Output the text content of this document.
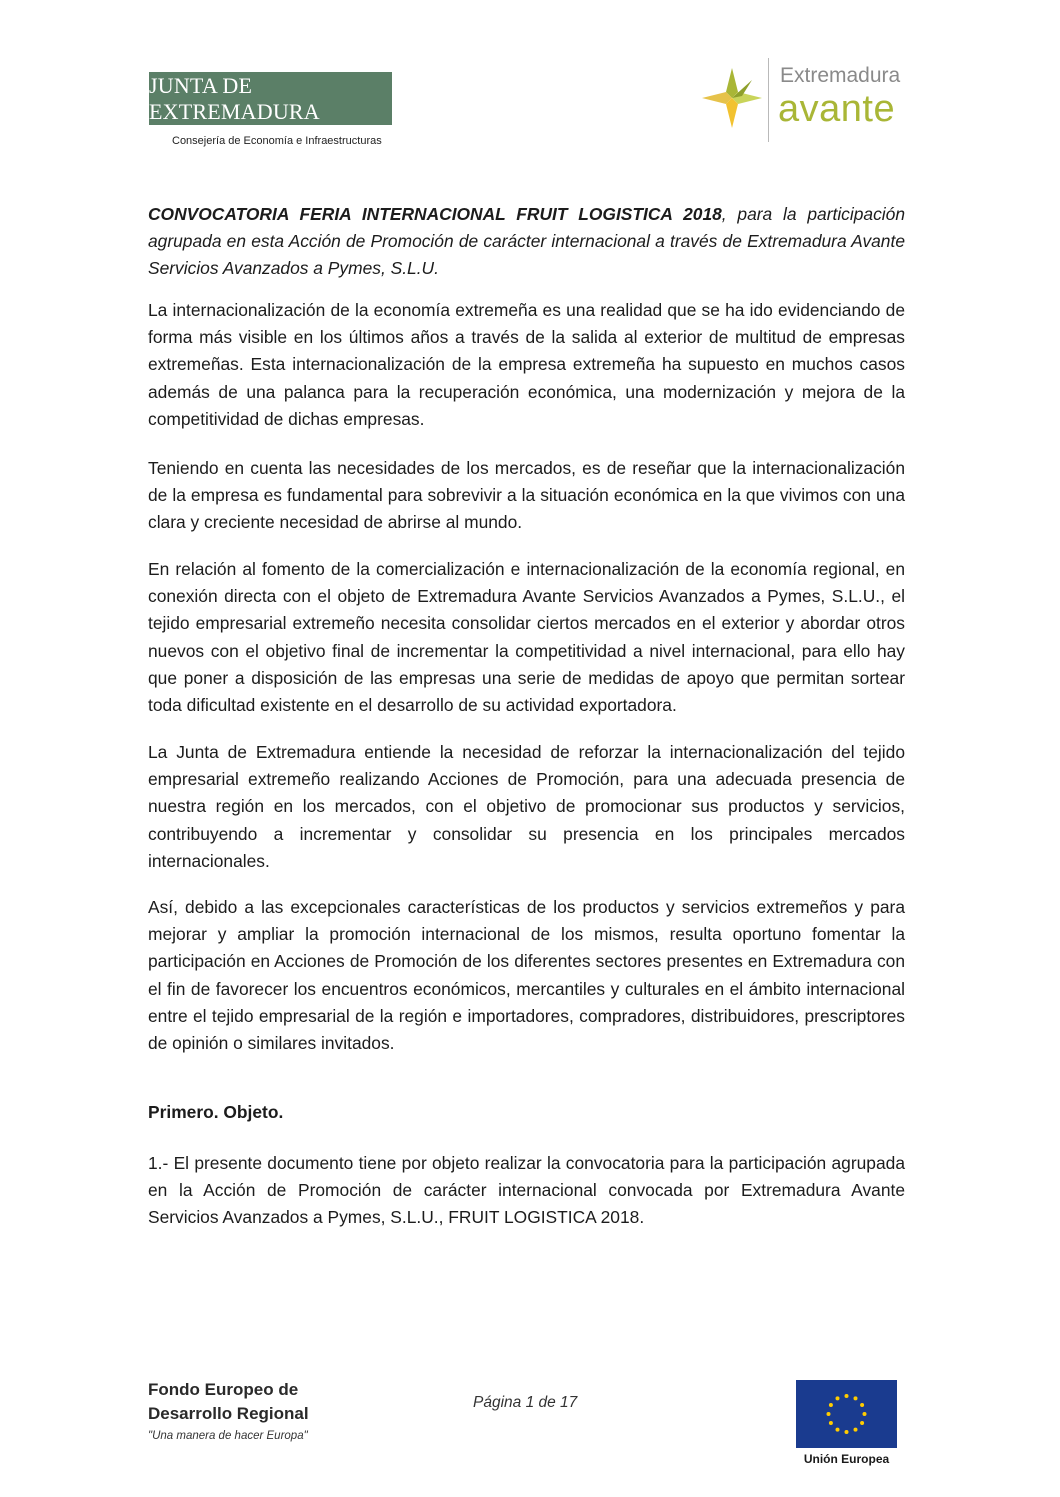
JUNTA DE EXTREMADURA
Consejería de Economía e Infraestructuras
Extremadura
avante

CONVOCATORIA FERIA INTERNACIONAL FRUIT LOGISTICA 2018, para la participación agrupada en esta Acción de Promoción de carácter internacional a través de Extremadura Avante Servicios Avanzados a Pymes, S.L.U.

La internacionalización de la economía extremeña es una realidad que se ha ido evidenciando de forma más visible en los últimos años a través de la salida al exterior de multitud de empresas extremeñas. Esta internacionalización de la empresa extremeña ha supuesto en muchos casos además de una palanca para la recuperación económica, una modernización y mejora de la competitividad de dichas empresas.

Teniendo en cuenta las necesidades de los mercados, es de reseñar que la internacionalización de la empresa es fundamental para sobrevivir a la situación económica en la que vivimos con una clara y creciente necesidad de abrirse al mundo.

En relación al fomento de la comercialización e internacionalización de la economía regional, en conexión directa con el objeto de Extremadura Avante Servicios Avanzados a Pymes, S.L.U., el tejido empresarial extremeño necesita consolidar ciertos mercados en el exterior y abordar otros nuevos con el objetivo final de incrementar la competitividad a nivel internacional, para ello hay que poner a disposición de las empresas una serie de medidas de apoyo que permitan sortear toda dificultad existente en el desarrollo de su actividad exportadora.

La Junta de Extremadura entiende la necesidad de reforzar la internacionalización del tejido empresarial extremeño realizando Acciones de Promoción, para una adecuada presencia de nuestra región en los mercados, con el objetivo de promocionar sus productos y servicios, contribuyendo a incrementar y consolidar su presencia en los principales mercados internacionales.

Así, debido a las excepcionales características de los productos y servicios extremeños y para mejorar y ampliar la promoción internacional de los mismos, resulta oportuno fomentar la participación en Acciones de Promoción de los diferentes sectores presentes en Extremadura con el fin de favorecer los encuentros económicos, mercantiles y culturales en el ámbito internacional entre el tejido empresarial de la región e importadores, compradores, distribuidores, prescriptores de opinión o similares invitados.

Primero. Objeto.

1.- El presente documento tiene por objeto realizar la convocatoria para la participación agrupada en la Acción de Promoción de carácter internacional convocada por Extremadura Avante Servicios Avanzados a Pymes, S.L.U., FRUIT LOGISTICA 2018.

Fondo Europeo de
Desarrollo Regional
"Una manera de hacer Europa"
Página 1 de 17
Unión Europea
